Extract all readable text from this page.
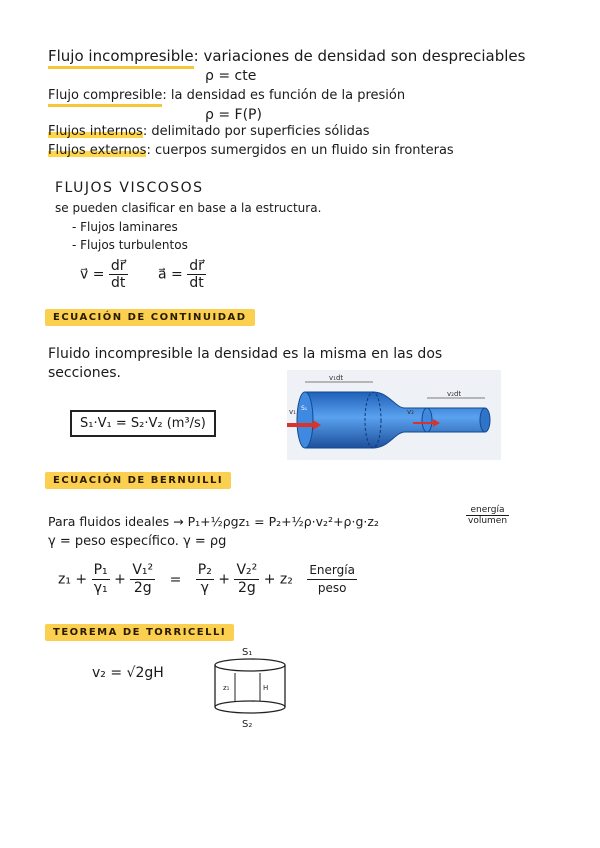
Flujo incompresible: variaciones de densidad son despreciables
ρ = cte
Flujo compresible: la densidad es función de la presión
ρ = F(P)
Flujos internos: delimitado por superficies sólidas
Flujos externos: cuerpos sumergidos en un fluido sin fronteras
FLUJOS VISCOSOS
se pueden clasificar en base a la estructura.
- Flujos laminares
- Flujos turbulentos
v⃗ = $\frac{dr⃗}{dt}$ a⃗ = $\frac{dr⃗}{dt}$
ECUACIÓN DE CONTINUIDAD
Fluido incompresible la densidad es la misma en las dos
secciones.
S₁·V₁ = S₂·V₂ (m³/s)
v₁dt
v₂dt
v₁ S₁	v₂
ECUACIÓN DE BERNUILLI
Para fluidos ideales → P₁+½ρgz₁ = P₂+½ρ·v₂²+ρ·g·z₂	$\frac{\text{energía}}{\text{volumen}}$
γ = peso específico. γ = ρg
$z_1 + \frac{\text{P₁}}{\text{γ₁}} + \frac{\text{V₁²}}{2g} = \frac{\text{P₂}}{\gamma} + \frac{\text{V₂²}}{2g} + z_2 \frac{\text{Energía}}{\text{peso}}$
TEOREMA DE TORRICELLI
v₂ = √2gH
S₁
z₁	H
S₂
